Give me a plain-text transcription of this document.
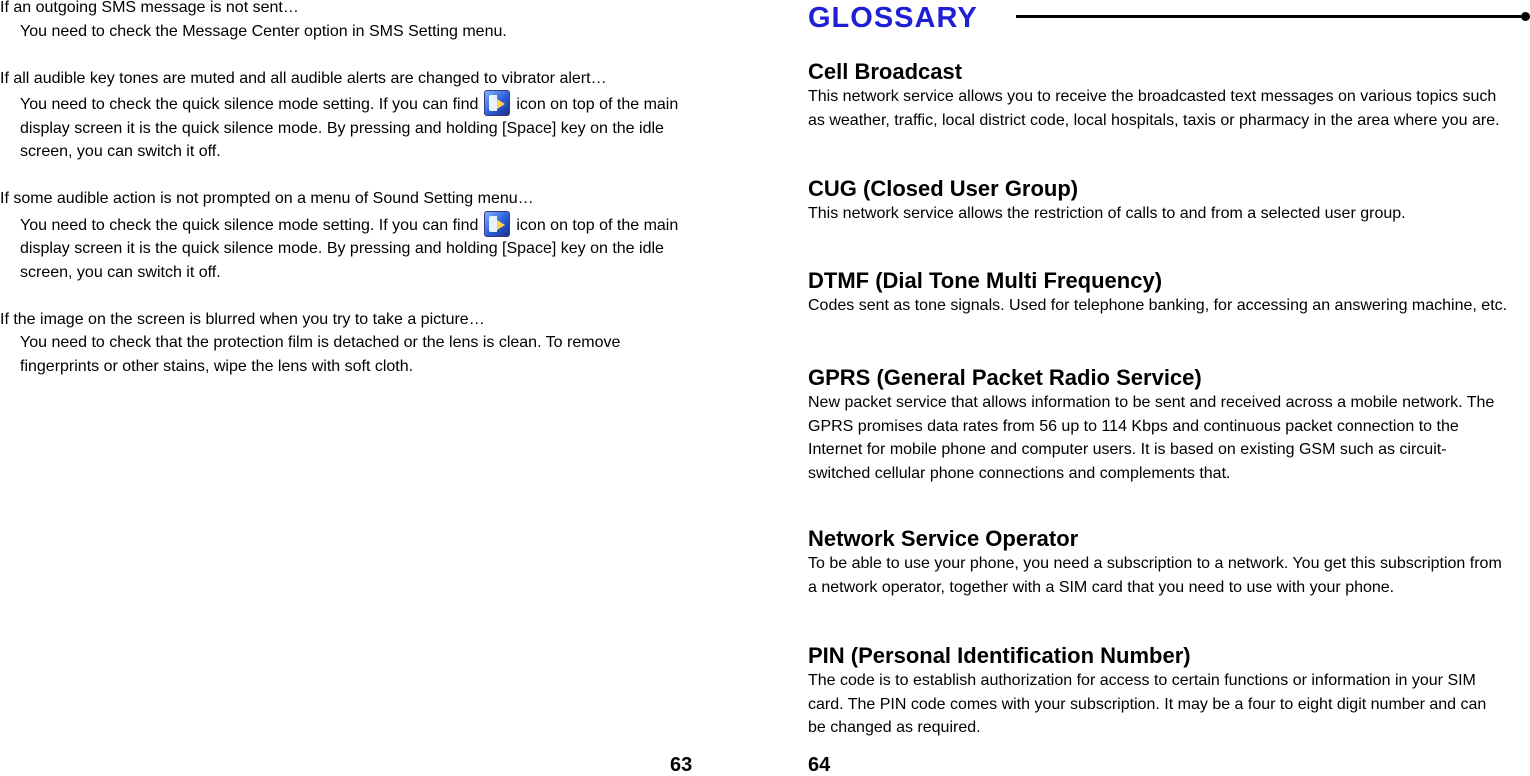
If an outgoing SMS message is not sent…

You need to check the Message Center option in SMS Setting menu.

If all audible key tones are muted and all audible alerts are changed to vibrator alert…

You need to check the quick silence mode setting. If you can find icon on top of the main display screen it is the quick silence mode. By pressing and holding [Space] key on the idle screen, you can switch it off.

If some audible action is not prompted on a menu of Sound Setting menu…

You need to check the quick silence mode setting. If you can find icon on top of the main display screen it is the quick silence mode. By pressing and holding [Space] key on the idle screen, you can switch it off.

If the image on the screen is blurred when you try to take a picture…

You need to check that the protection film is detached or the lens is clean. To remove fingerprints or other stains, wipe the lens with soft cloth.

63
GLOSSARY

Cell Broadcast

This network service allows you to receive the broadcasted text messages on various topics such as weather, traffic, local district code, local hospitals, taxis or pharmacy in the area where you are.

CUG (Closed User Group)

This network service allows the restriction of calls to and from a selected user group.

DTMF (Dial Tone Multi Frequency)

Codes sent as tone signals. Used for telephone banking, for accessing an answering machine, etc.

GPRS (General Packet Radio Service)

New packet service that allows information to be sent and received across a mobile network. The GPRS promises data rates from 56 up to 114 Kbps and continuous packet connection to the Internet for mobile phone and computer users. It is based on existing GSM such as circuit-switched cellular phone connections and complements that.

Network Service Operator

To be able to use your phone, you need a subscription to a network. You get this subscription from a network operator, together with a SIM card that you need to use with your phone.

PIN (Personal Identification Number)

The code is to establish authorization for access to certain functions or information in your SIM card. The PIN code comes with your subscription. It may be a four to eight digit number and can be changed as required.

64
